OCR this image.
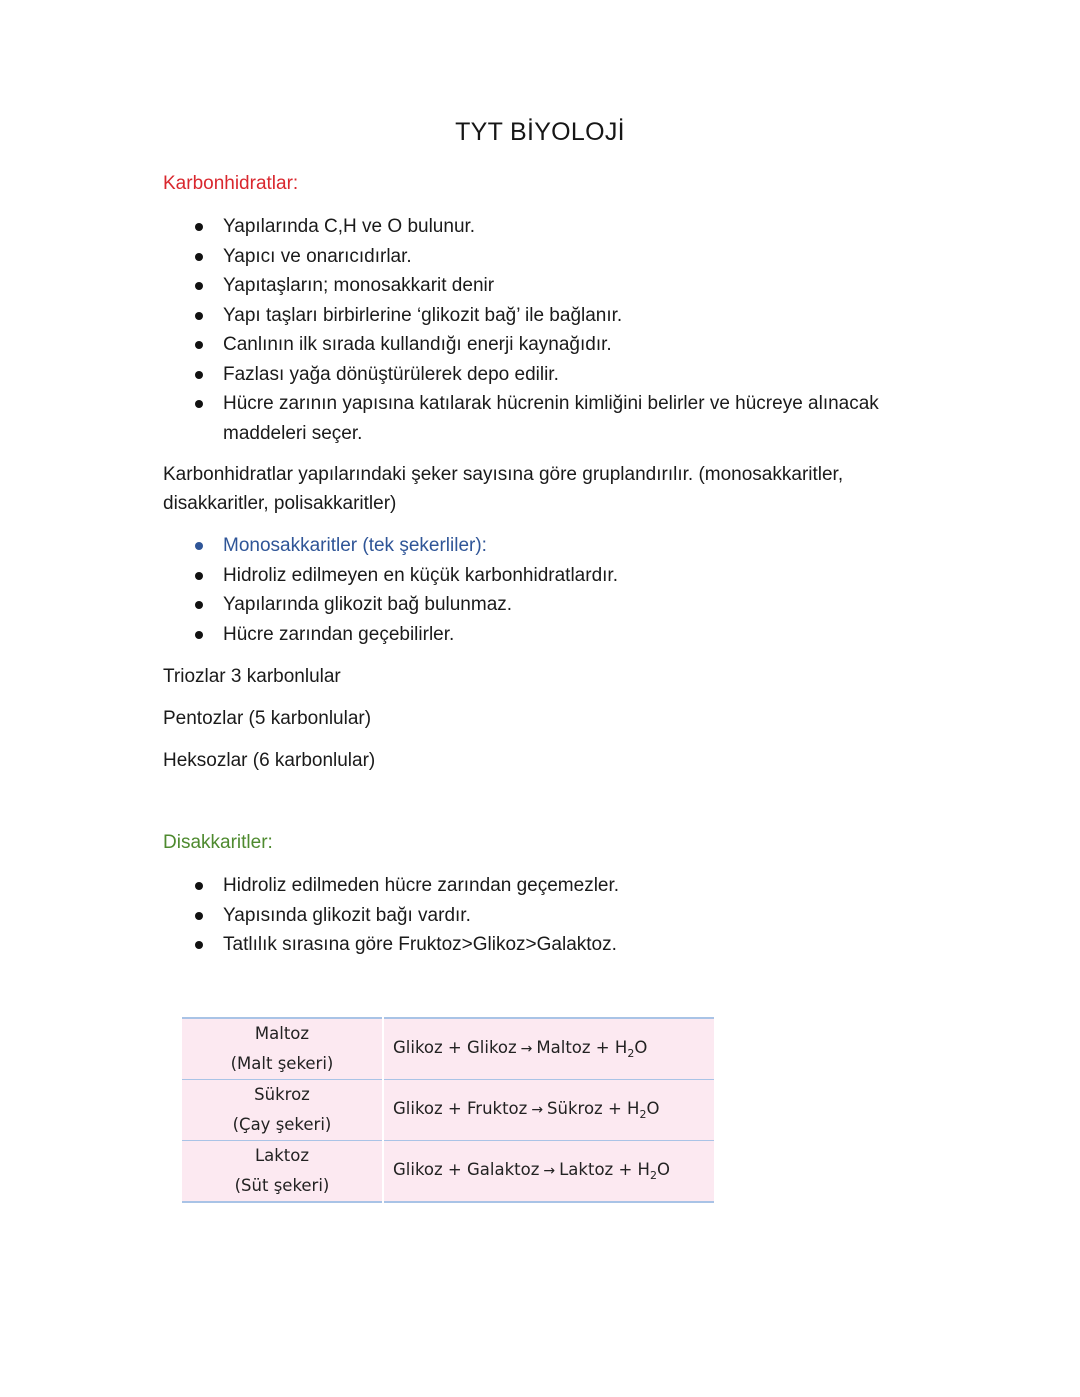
TYT BİYOLOJİ
Karbonhidratlar:
Yapılarında C,H ve O bulunur.
Yapıcı ve onarıcıdırlar.
Yapıtaşların; monosakkarit denir
Yapı taşları birbirlerine ‘glikozit bağ’ ile bağlanır.
Canlının ilk sırada kullandığı enerji kaynağıdır.
Fazlası yağa dönüştürülerek depo edilir.
Hücre zarının yapısına katılarak hücrenin kimliğini belirler ve hücreye alınacak maddeleri seçer.

Karbonhidratlar yapılarındaki şeker sayısına göre gruplandırılır. (monosakkaritler, disakkaritler, polisakkaritler)

Monosakkaritler (tek şekerliler):
Hidroliz edilmeyen en küçük karbonhidratlardır.
Yapılarında glikozit bağ bulunmaz.
Hücre zarından geçebilirler.

Triozlar 3 karbonlular

Pentozlar (5 karbonlular)

Heksozlar (6 karbonlular)

Disakkaritler:
Hidroliz edilmeden hücre zarından geçemezler.
Yapısında glikozit bağı vardır.
Tatlılık sırasına göre Fruktoz>Glikoz>Galaktoz.
Maltoz
(Malt şekeri)	Glikoz + Glikoz → Maltoz + $H_2O$

Sükroz
(Çay şekeri)	Glikoz + Fruktoz → Sükroz + $H_2O$

Laktoz
(Süt şekeri)	Glikoz + Galaktoz → Laktoz + $H_2O$
